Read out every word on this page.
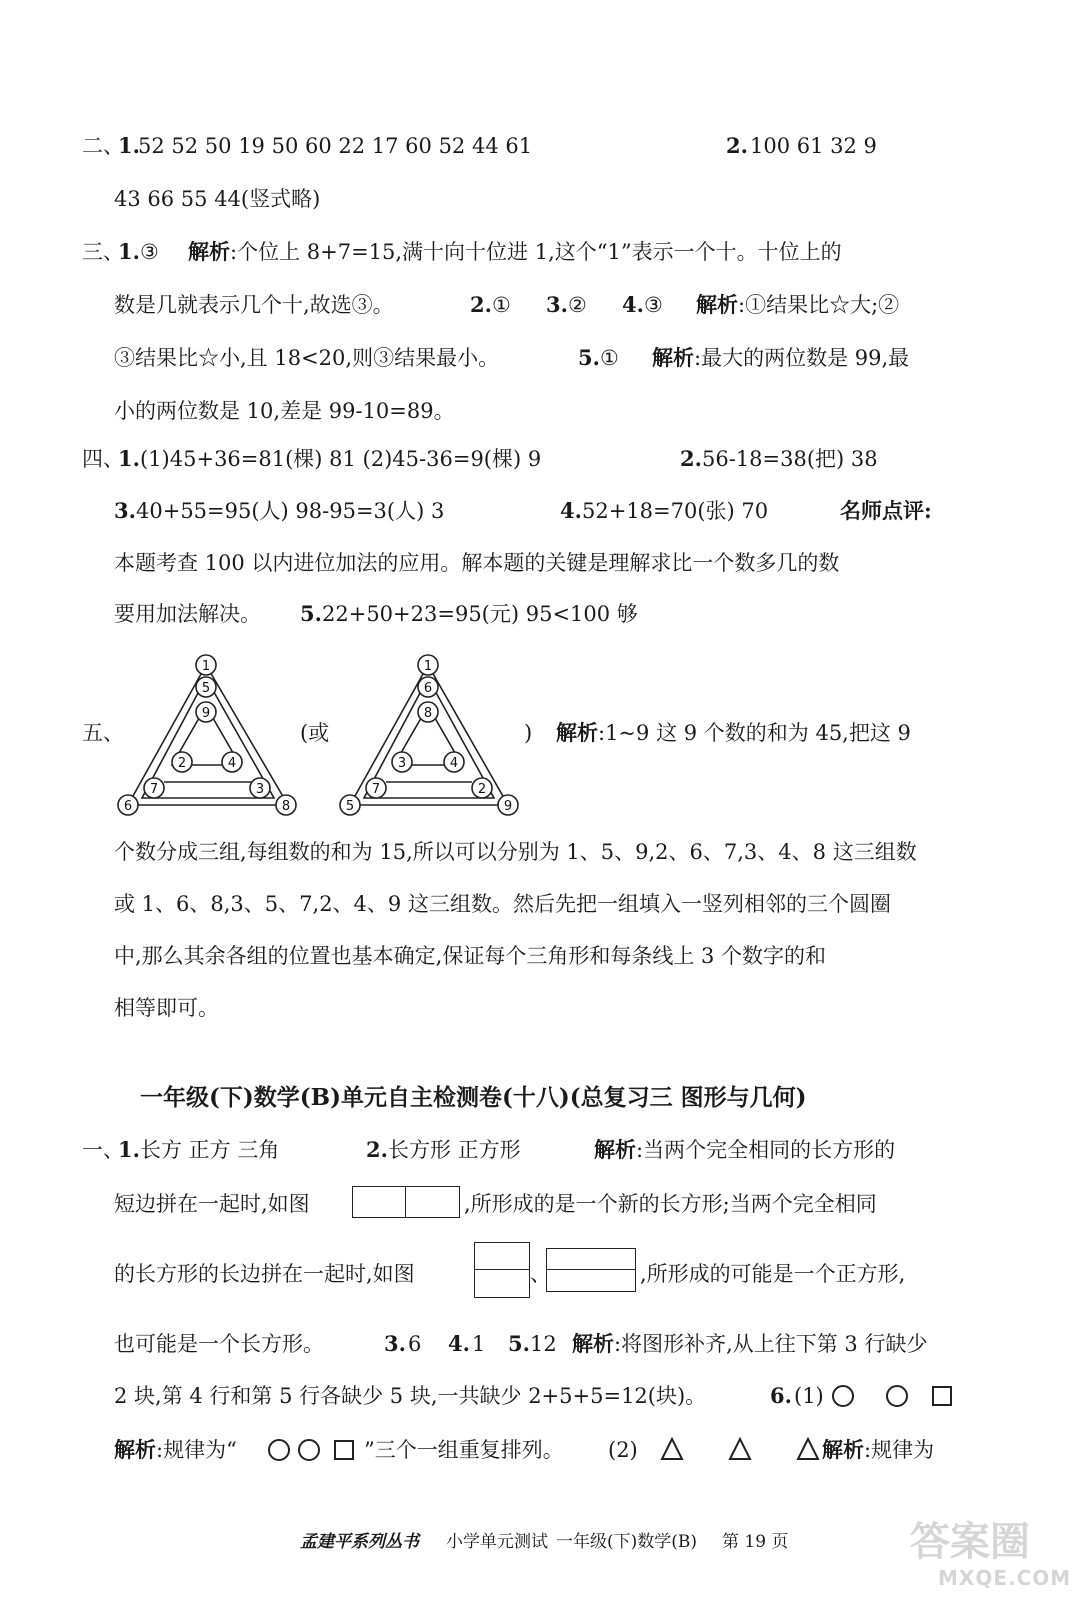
二、
1.
52 52 50 19 50 60 22 17 60 52 44 61	2. 100 61 32 9
43 66 55 44(竖式略)
三、
1. ③ 解析 :个位上 8+7=15,满十向十位进 1,这个“1”表示一个十。十位上的
数是几就表示几个十,故选③。	2. ① 3. ② 4. ③ 解析 :①结果比☆大;②
③结果比☆小,且 18<20,则③结果最小。	5. ① 解析 :最大的两位数是 99,最
小的两位数是 10,差是 99-10=89。
四、
1. (1)45+36=81(棵) 81 (2)45-36=9(棵) 9	2. 56-18=38(把) 38
3. 40+55=95(人) 98-95=3(人) 3	4. 52+18=70(张) 70	名师点评:
本题考查 100 以内进位加法的应用。解本题的关键是理解求比一个数多几的数
要用加法解决。 5. 22+50+23=95(元) 95<100 够
五、	(或	) 解析 :1~9 这 9 个数的和为 45,把这 9
1
5
9
2	4
7	3
6	8
1
6
8
3	4
7	2
5	9
个数分成三组,每组数的和为 15,所以可以分别为 1、5、9,2、6、7,3、4、8 这三组数
或 1、6、8,3、5、7,2、4、9 这三组数。然后先把一组填入一竖列相邻的三个圆圈
中,那么其余各组的位置也基本确定,保证每个三角形和每条线上 3 个数字的和
相等即可。
一年级(下)数学(B)单元自主检测卷(十八)(总复习三 图形与几何)
一、
1. 长方 正方 三角	2. 长方形 正方形	解析 :当两个完全相同的长方形的
短边拼在一起时,如图	,所形成的是一个新的长方形;当两个完全相同
的长方形的长边拼在一起时,如图	、	,所形成的可能是一个正方形,
也可能是一个长方形。	3. 6 4. 1 5. 12 解析 :将图形补齐,从上往下第 3 行缺少
2 块,第 4 行和第 5 行各缺少 5 块,一共缺少 2+5+5=12(块)。	6. (1)
解析 :规律为“	”三个一组重复排列。 (2)	解析 :规律为
孟建平系列丛书 小学单元测试 一年级(下)数学(B) 第 19 页	答案圈
MXQE.COM
